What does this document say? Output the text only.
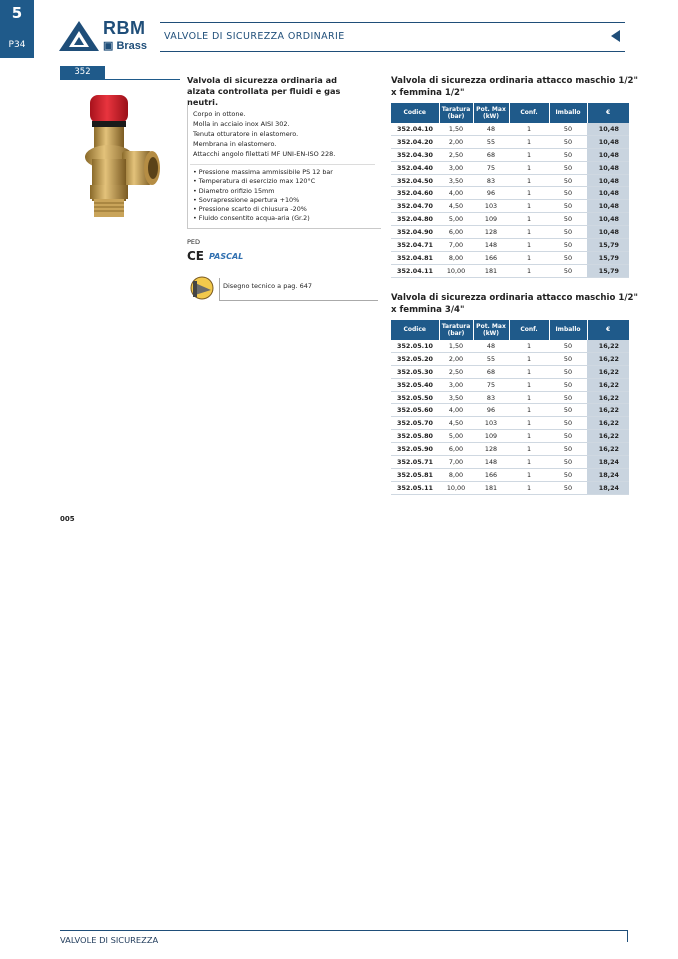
5
P34
RBM
▣ Brass
VALVOLE DI SICUREZZA ORDINARIE
352
Valvola di sicurezza ordinaria ad alzata controllata per fluidi e gas neutri.
Corpo in ottone.
Molla in acciaio inox AISI 302.
Tenuta otturatore in elastomero.
Membrana in elastomero.
Attacchi angolo filettati MF UNI-EN-ISO 228.
• Pressione massima ammissibile PS 12 bar
• Temperatura di esercizio max 120°C
• Diametro orifizio 15mm
• Sovrapressione apertura +10%
• Pressione scarto di chiusura -20%
• Fluido consentito acqua-aria (Gr.2)
PED
CE PASCAL
Disegno tecnico a pag. 647
Valvola di sicurezza ordinaria attacco maschio 1/2" x femmina 1/2"
Codice	Taratura (bar)	Pot. Max (kW)	Conf.	Imballo	€
352.04.10	1,50	48	1	50	10,48
352.04.20	2,00	55	1	50	10,48
352.04.30	2,50	68	1	50	10,48
352.04.40	3,00	75	1	50	10,48
352.04.50	3,50	83	1	50	10,48
352.04.60	4,00	96	1	50	10,48
352.04.70	4,50	103	1	50	10,48
352.04.80	5,00	109	1	50	10,48
352.04.90	6,00	128	1	50	10,48
352.04.71	7,00	148	1	50	15,79
352.04.81	8,00	166	1	50	15,79
352.04.11	10,00	181	1	50	15,79
Valvola di sicurezza ordinaria attacco maschio 1/2" x femmina 3/4"
Codice	Taratura (bar)	Pot. Max (kW)	Conf.	Imballo	€
352.05.10	1,50	48	1	50	16,22
352.05.20	2,00	55	1	50	16,22
352.05.30	2,50	68	1	50	16,22
352.05.40	3,00	75	1	50	16,22
352.05.50	3,50	83	1	50	16,22
352.05.60	4,00	96	1	50	16,22
352.05.70	4,50	103	1	50	16,22
352.05.80	5,00	109	1	50	16,22
352.05.90	6,00	128	1	50	16,22
352.05.71	7,00	148	1	50	18,24
352.05.81	8,00	166	1	50	18,24
352.05.11	10,00	181	1	50	18,24
005
VALVOLE DI SICUREZZA
